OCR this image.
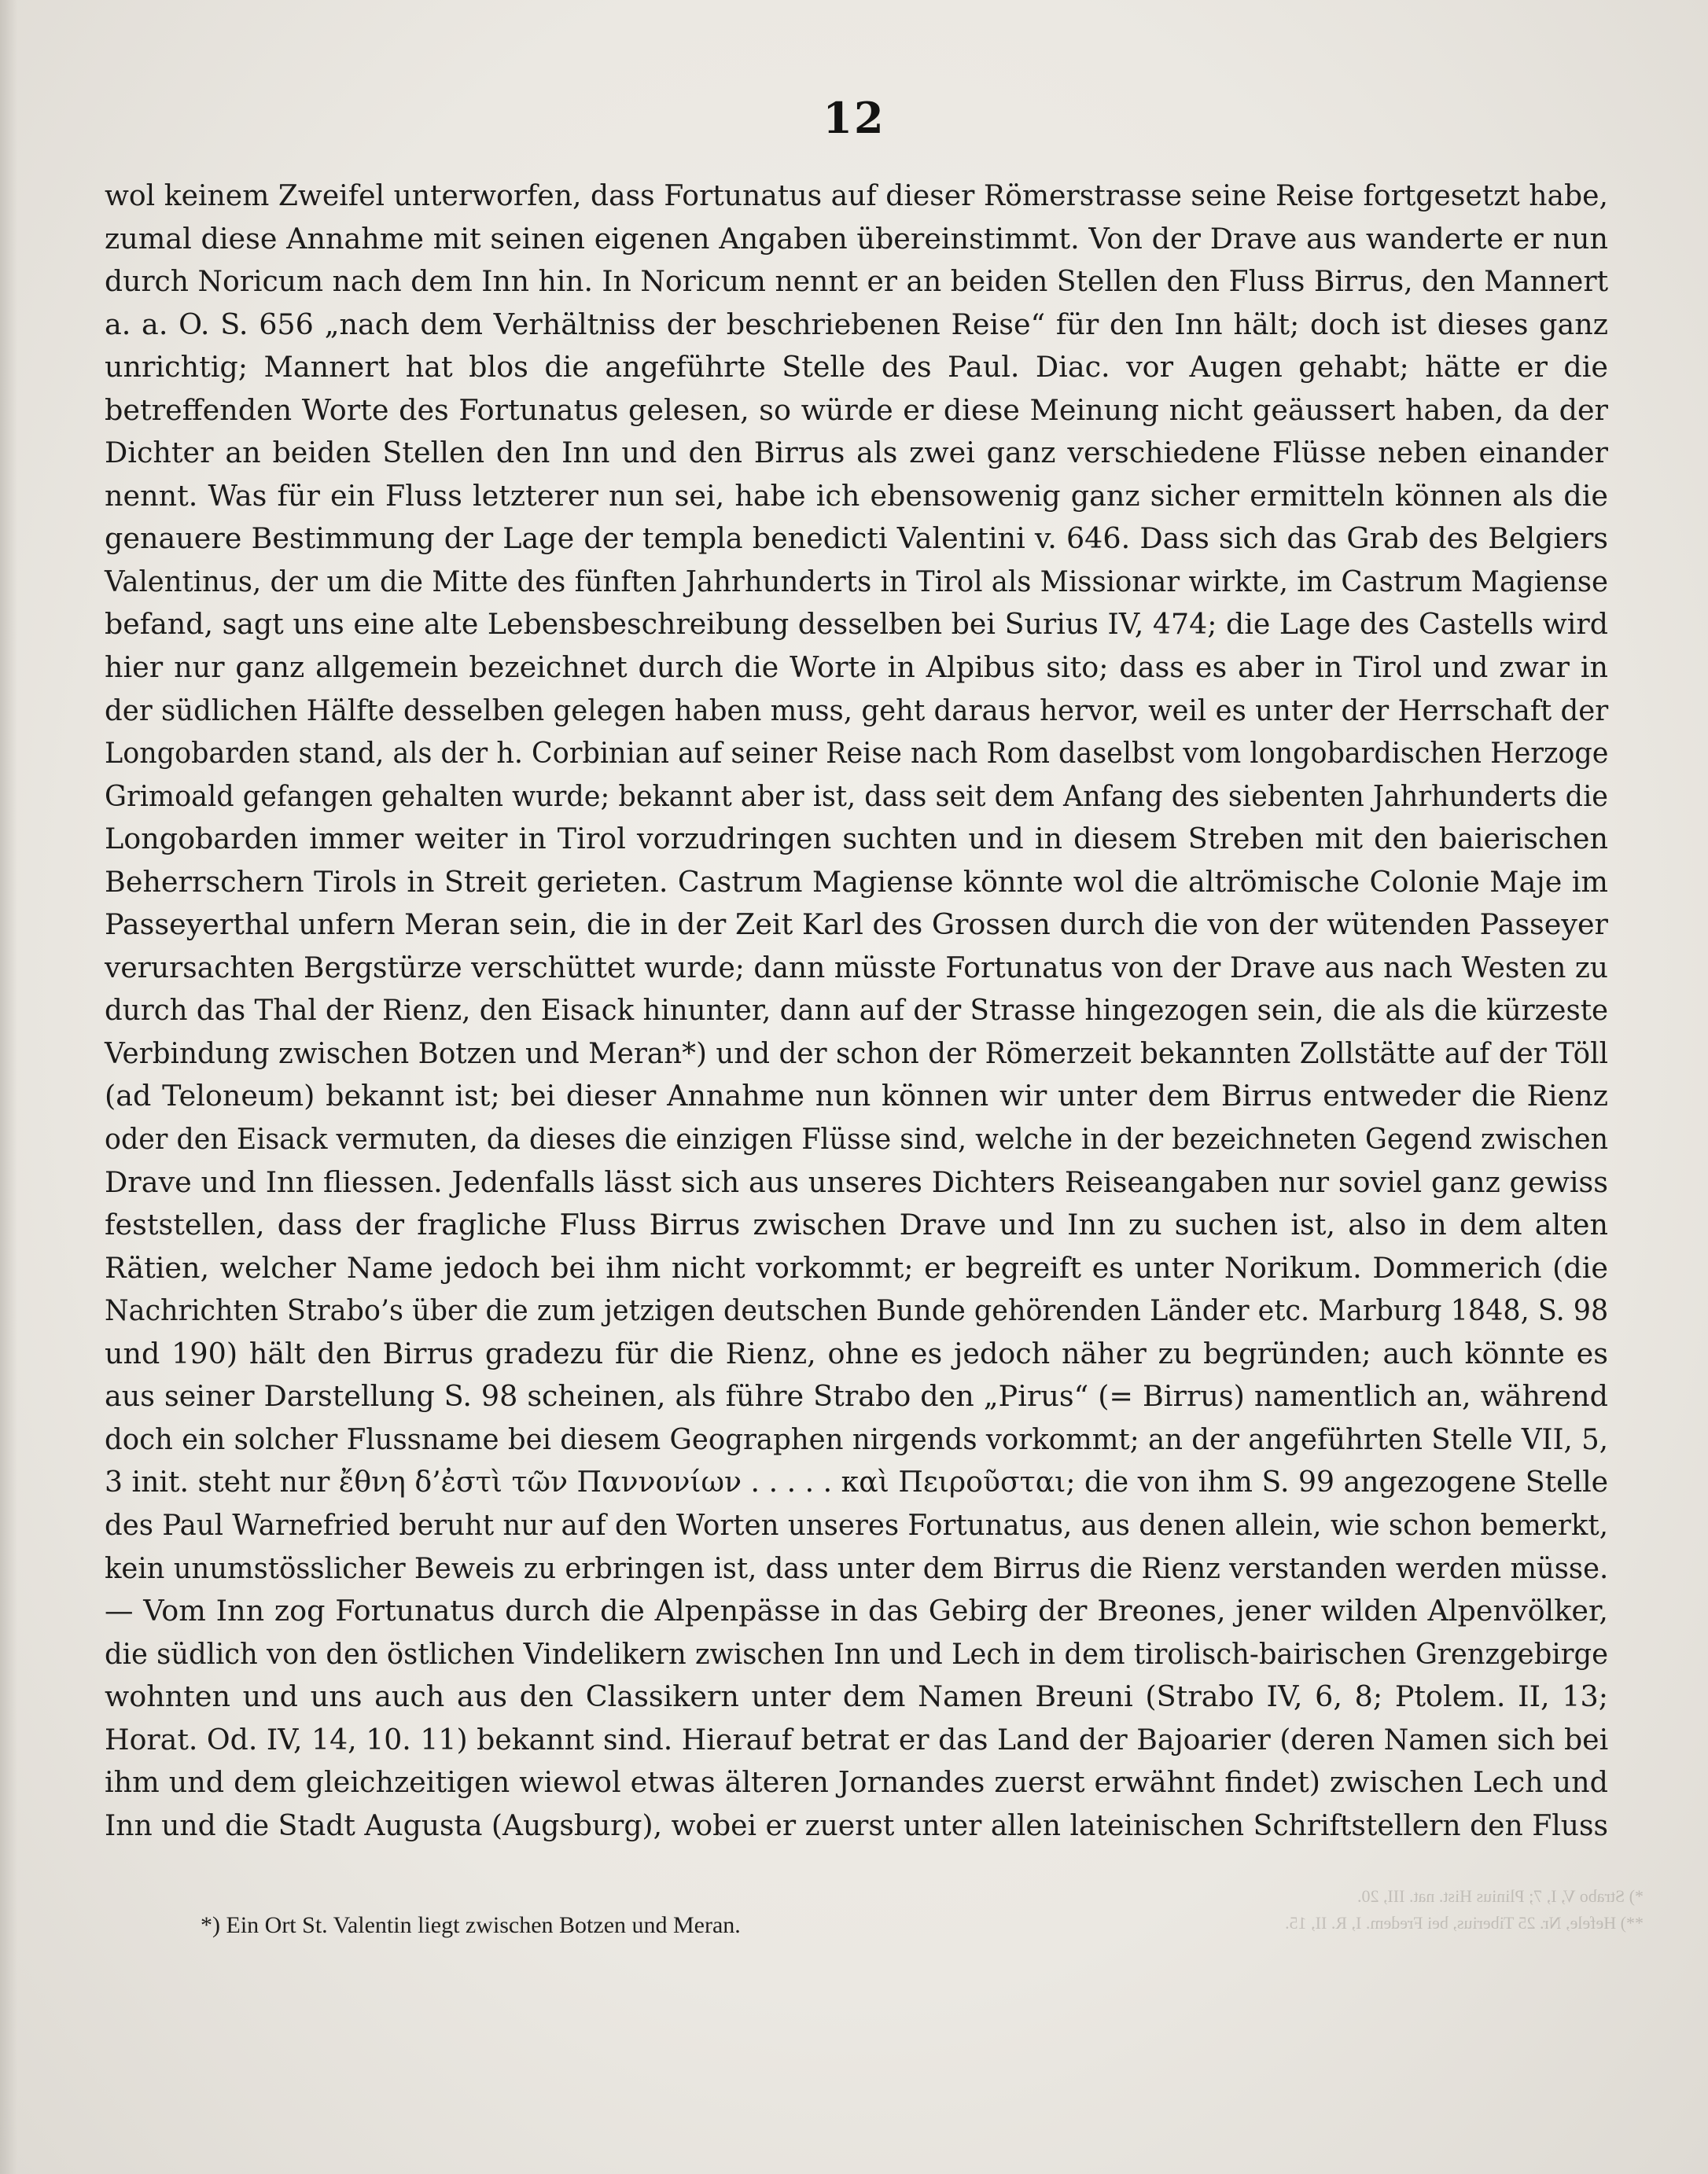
12
wol keinem Zweifel unterworfen, dass Fortunatus auf dieser Römerstrasse seine Reise fortgesetzt habe,
zumal diese Annahme mit seinen eigenen Angaben übereinstimmt. Von der Drave aus wanderte er nun
durch Noricum nach dem Inn hin. In Noricum nennt er an beiden Stellen den Fluss Birrus, den Mannert
a. a. O. S. 656 „nach dem Verhältniss der beschriebenen Reise“ für den Inn hält; doch ist dieses ganz
unrichtig; Mannert hat blos die angeführte Stelle des Paul. Diac. vor Augen gehabt; hätte er die
betreffenden Worte des Fortunatus gelesen, so würde er diese Meinung nicht geäussert haben, da der
Dichter an beiden Stellen den Inn und den Birrus als zwei ganz verschiedene Flüsse neben einander
nennt. Was für ein Fluss letzterer nun sei, habe ich ebensowenig ganz sicher ermitteln können als die
genauere Bestimmung der Lage der templa benedicti Valentini v. 646. Dass sich das Grab des Belgiers
Valentinus, der um die Mitte des fünften Jahrhunderts in Tirol als Missionar wirkte, im Castrum Magiense
befand, sagt uns eine alte Lebensbeschreibung desselben bei Surius IV, 474; die Lage des Castells wird
hier nur ganz allgemein bezeichnet durch die Worte in Alpibus sito; dass es aber in Tirol und zwar in
der südlichen Hälfte desselben gelegen haben muss, geht daraus hervor, weil es unter der Herrschaft der
Longobarden stand, als der h. Corbinian auf seiner Reise nach Rom daselbst vom longobardischen Herzoge
Grimoald gefangen gehalten wurde; bekannt aber ist, dass seit dem Anfang des siebenten Jahrhunderts die
Longobarden immer weiter in Tirol vorzudringen suchten und in diesem Streben mit den baierischen
Beherrschern Tirols in Streit gerieten. Castrum Magiense könnte wol die altrömische Colonie Maje im
Passeyerthal unfern Meran sein, die in der Zeit Karl des Grossen durch die von der wütenden Passeyer
verursachten Bergstürze verschüttet wurde; dann müsste Fortunatus von der Drave aus nach Westen zu
durch das Thal der Rienz, den Eisack hinunter, dann auf der Strasse hingezogen sein, die als die kürzeste
Verbindung zwischen Botzen und Meran*) und der schon der Römerzeit bekannten Zollstätte auf der Töll
(ad Teloneum) bekannt ist; bei dieser Annahme nun können wir unter dem Birrus entweder die Rienz
oder den Eisack vermuten, da dieses die einzigen Flüsse sind, welche in der bezeichneten Gegend zwischen
Drave und Inn fliessen. Jedenfalls lässt sich aus unseres Dichters Reiseangaben nur soviel ganz gewiss
feststellen, dass der fragliche Fluss Birrus zwischen Drave und Inn zu suchen ist, also in dem alten
Rätien, welcher Name jedoch bei ihm nicht vorkommt; er begreift es unter Norikum. Dommerich (die
Nachrichten Strabo’s über die zum jetzigen deutschen Bunde gehörenden Länder etc. Marburg 1848, S. 98
und 190) hält den Birrus gradezu für die Rienz, ohne es jedoch näher zu begründen; auch könnte es
aus seiner Darstellung S. 98 scheinen, als führe Strabo den „Pirus“ (= Birrus) namentlich an, während
doch ein solcher Flussname bei diesem Geographen nirgends vorkommt; an der angeführten Stelle VII, 5,
3 init. steht nur ἔθνη δ’ἐστὶ τῶν Παννονίων . . . . . καὶ Πειροῦσται; die von ihm S. 99 angezogene Stelle
des Paul Warnefried beruht nur auf den Worten unseres Fortunatus, aus denen allein, wie schon bemerkt,
kein unumstösslicher Beweis zu erbringen ist, dass unter dem Birrus die Rienz verstanden werden müsse.
— Vom Inn zog Fortunatus durch die Alpenpässe in das Gebirg der Breones, jener wilden Alpenvölker,
die südlich von den östlichen Vindelikern zwischen Inn und Lech in dem tirolisch-bairischen Grenzgebirge
wohnten und uns auch aus den Classikern unter dem Namen Breuni (Strabo IV, 6, 8; Ptolem. II, 13;
Horat. Od. IV, 14, 10. 11) bekannt sind. Hierauf betrat er das Land der Bajoarier (deren Namen sich bei
ihm und dem gleichzeitigen wiewol etwas älteren Jornandes zuerst erwähnt findet) zwischen Lech und
Inn und die Stadt Augusta (Augsburg), wobei er zuerst unter allen lateinischen Schriftstellern den Fluss
*) Strabo V, I, 7; Plinius Hist. nat. III, 20.
**) Hefele, Nr. 25 Tiberius, bei Fredem. I, R. II, 15.
*) Ein Ort St. Valentin liegt zwischen Botzen und Meran.
